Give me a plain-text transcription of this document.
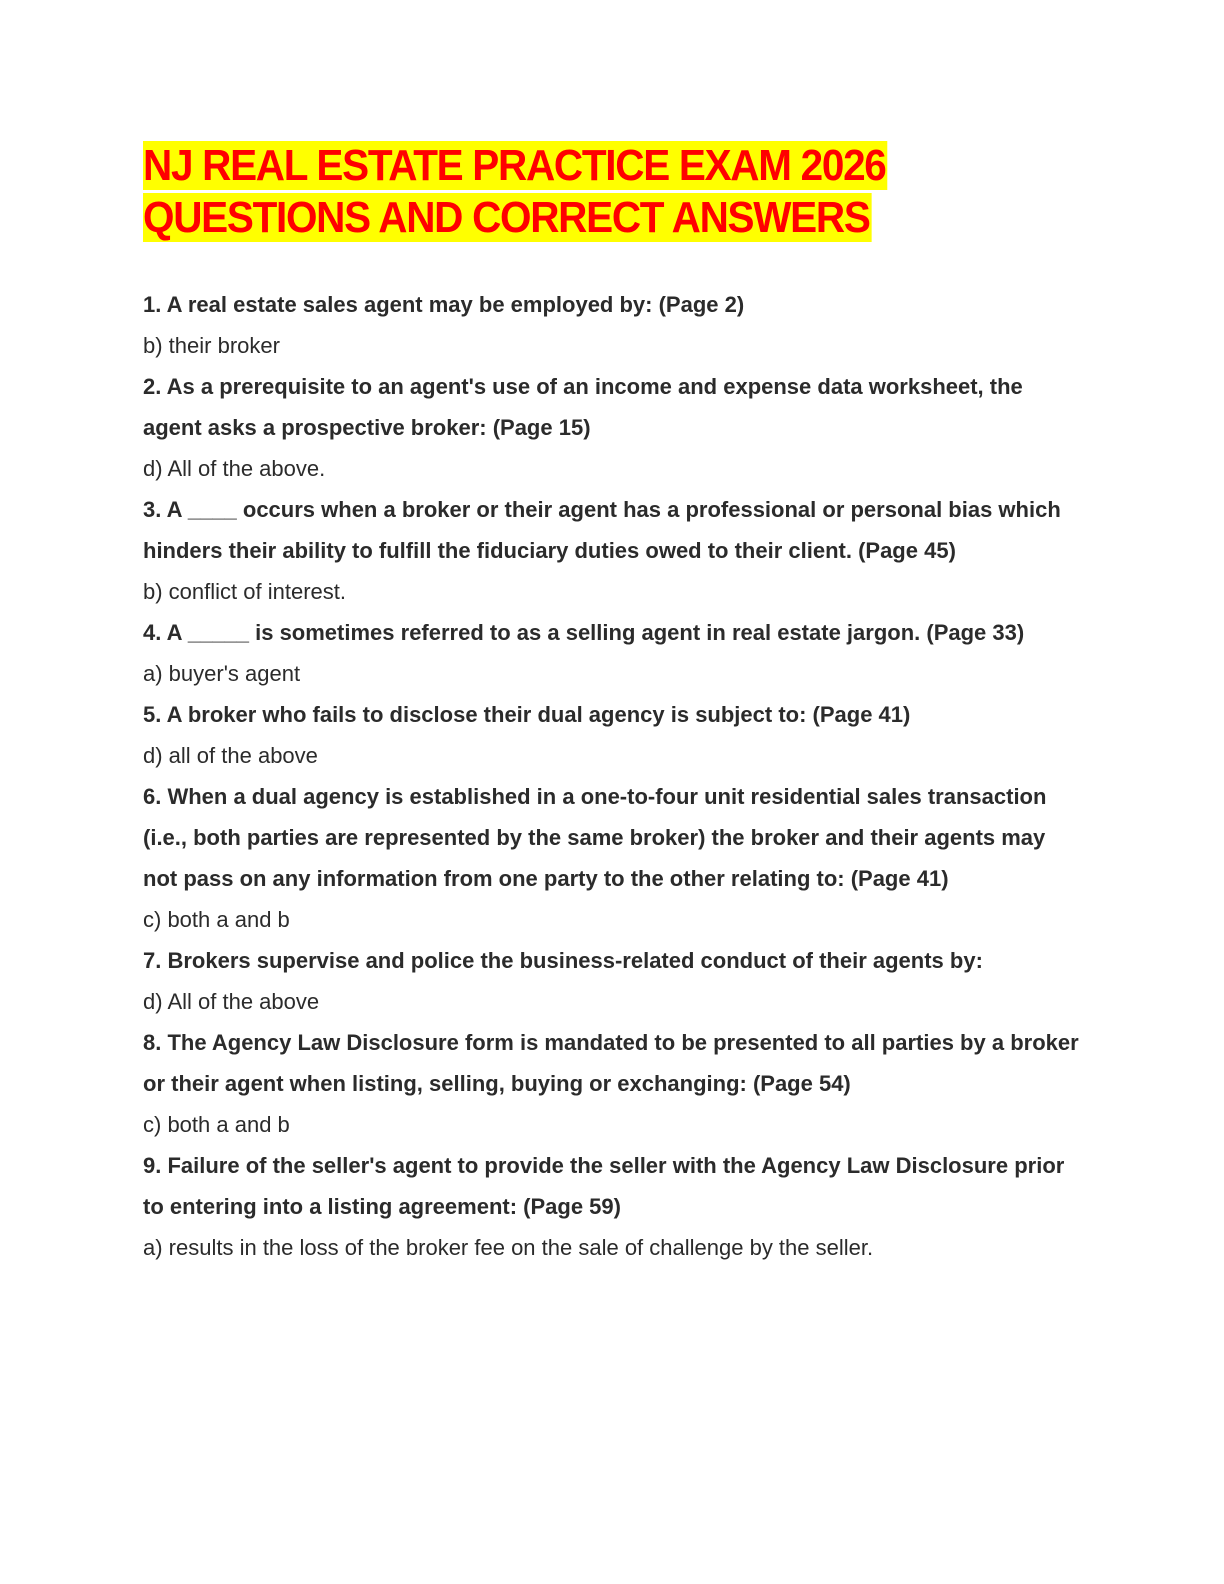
NJ REAL ESTATE PRACTICE EXAM 2026
QUESTIONS AND CORRECT ANSWERS

1. A real estate sales agent may be employed by: (Page 2)

b) their broker

2. As a prerequisite to an agent's use of an income and expense data worksheet, the agent asks a prospective broker: (Page 15)

d) All of the above.

3. A ____ occurs when a broker or their agent has a professional or personal bias which hinders their ability to fulfill the fiduciary duties owed to their client. (Page 45)

b) conflict of interest.

4. A _____ is sometimes referred to as a selling agent in real estate jargon. (Page 33)

a) buyer's agent

5. A broker who fails to disclose their dual agency is subject to: (Page 41)

d) all of the above

6. When a dual agency is established in a one-to-four unit residential sales transaction (i.e., both parties are represented by the same broker) the broker and their agents may not pass on any information from one party to the other relating to: (Page 41)

c) both a and b

7. Brokers supervise and police the business-related conduct of their agents by:

d) All of the above

8. The Agency Law Disclosure form is mandated to be presented to all parties by a broker or their agent when listing, selling, buying or exchanging: (Page 54)

c) both a and b

9. Failure of the seller's agent to provide the seller with the Agency Law Disclosure prior to entering into a listing agreement: (Page 59)

a) results in the loss of the broker fee on the sale of challenge by the seller.
